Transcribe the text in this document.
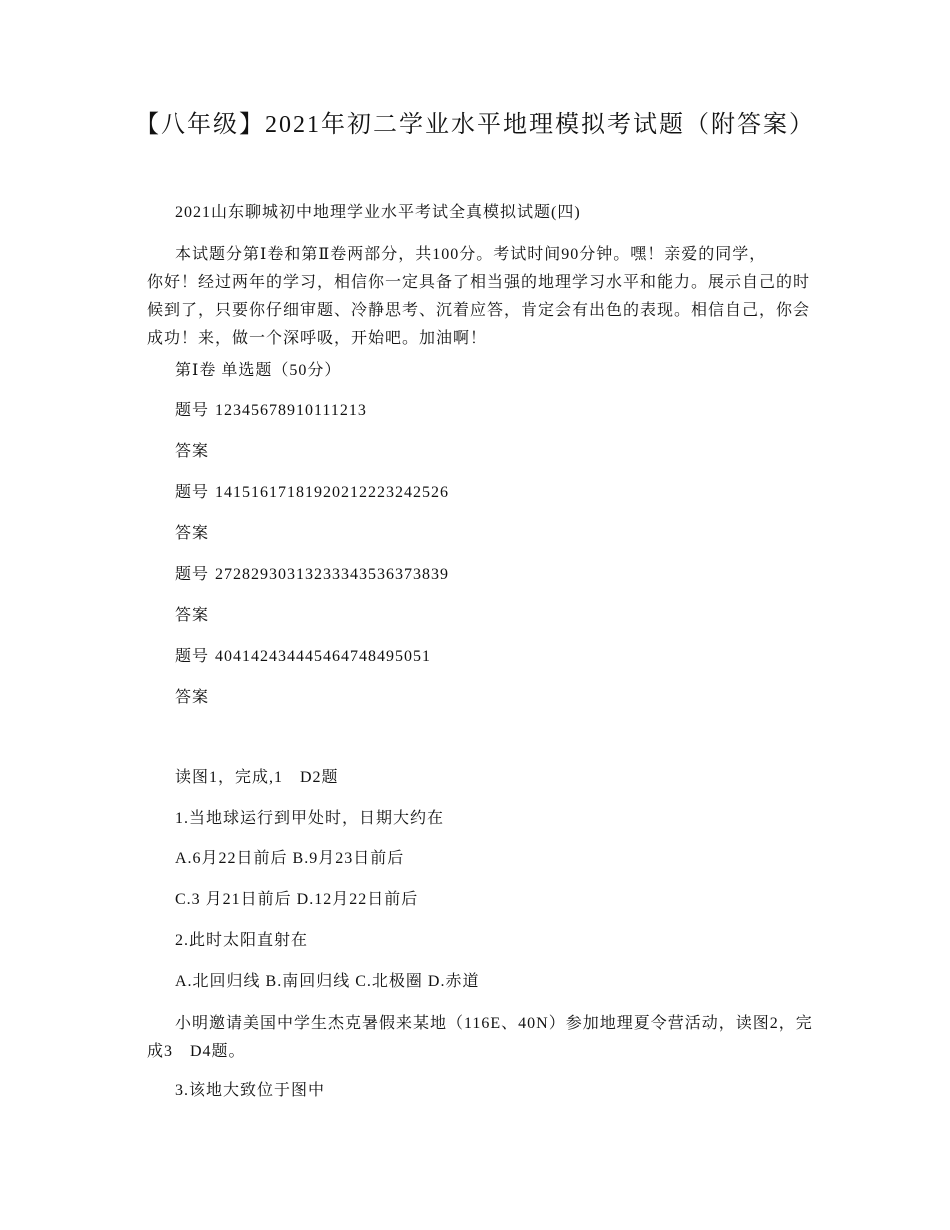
【八年级】2021年初二学业水平地理模拟考试题（附答案）
2021山东聊城初中地理学业水平考试全真模拟试题(四)
本试题分第Ⅰ卷和第Ⅱ卷两部分，共100分。考试时间90分钟。嘿！亲爱的同学，
你好！经过两年的学习，相信你一定具备了相当强的地理学习水平和能力。展示自己的时
候到了，只要你仔细审题、冷静思考、沉着应答，肯定会有出色的表现。相信自己，你会
成功！来，做一个深呼吸，开始吧。加油啊！
第Ⅰ卷 单选题（50分）
题号 12345678910111213
答案
题号 14151617181920212223242526
答案
题号 27282930313233343536373839
答案
题号 404142434445464748495051
答案
读图1，完成,1　D2题
1.当地球运行到甲处时，日期大约在
A.6月22日前后 B.9月23日前后
C.3 月21日前后 D.12月22日前后
2.此时太阳直射在
A.北回归线 B.南回归线 C.北极圈 D.赤道
小明邀请美国中学生杰克暑假来某地（116E、40N）参加地理夏令营活动，读图2，完
成3　D4题。
3.该地大致位于图中
